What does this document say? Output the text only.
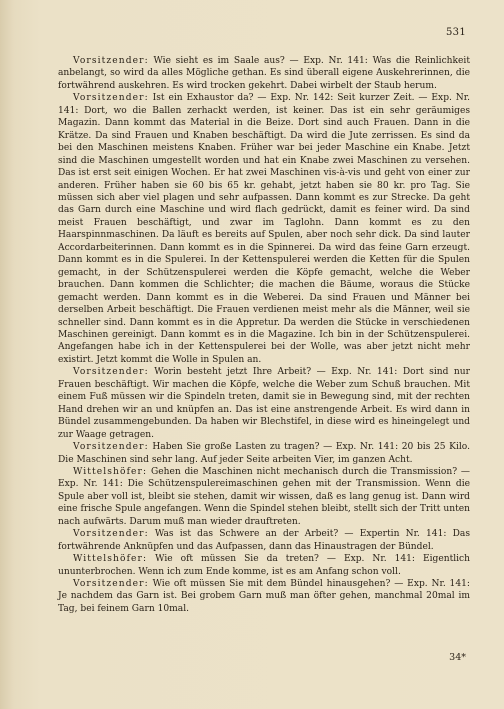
531

Vorsitzender: Wie sieht es im Saale aus? — Exp. Nr. 141: Was die Reinlichkeit anbelangt, so wird da alles Mögliche gethan. Es sind überall eigene Auskehrerinnen, die fortwährend auskehren. Es wird trocken gekehrt. Dabei wirbelt der Staub herum.

Vorsitzender: Ist ein Exhaustor da? — Exp. Nr. 142: Seit kurzer Zeit. — Exp. Nr. 141: Dort, wo die Ballen zerhackt werden, ist keiner. Das ist ein sehr geräumiges Magazin. Dann kommt das Material in die Beize. Dort sind auch Frauen. Dann in die Krätze. Da sind Frauen und Knaben beschäftigt. Da wird die Jute zerrissen. Es sind da bei den Maschinen meistens Knaben. Früher war bei jeder Maschine ein Knabe. Jetzt sind die Maschinen umgestellt worden und hat ein Knabe zwei Maschinen zu versehen. Das ist erst seit einigen Wochen. Er hat zwei Maschinen vis-à-vis und geht von einer zur anderen. Früher haben sie 60 bis 65 kr. gehabt, jetzt haben sie 80 kr. pro Tag. Sie müssen sich aber viel plagen und sehr aufpassen. Dann kommt es zur Strecke. Da geht das Garn durch eine Maschine und wird flach gedrückt, damit es feiner wird. Da sind meist Frauen beschäftigt, und zwar im Taglohn. Dann kommt es zu den Haarspinnmaschinen. Da läuft es bereits auf Spulen, aber noch sehr dick. Da sind lauter Accordarbeiterinnen. Dann kommt es in die Spinnerei. Da wird das feine Garn erzeugt. Dann kommt es in die Spulerei. In der Kettenspulerei werden die Ketten für die Spulen gemacht, in der Schützenspulerei werden die Köpfe gemacht, welche die Weber brauchen. Dann kommen die Schlichter; die machen die Bäume, woraus die Stücke gemacht werden. Dann kommt es in die Weberei. Da sind Frauen und Männer bei derselben Arbeit beschäftigt. Die Frauen verdienen meist mehr als die Männer, weil sie schneller sind. Dann kommt es in die Appretur. Da werden die Stücke in verschiedenen Maschinen gereinigt. Dann kommt es in die Magazine. Ich bin in der Schützenspulerei. Angefangen habe ich in der Kettenspulerei bei der Wolle, was aber jetzt nicht mehr existirt. Jetzt kommt die Wolle in Spulen an.

Vorsitzender: Worin besteht jetzt Ihre Arbeit? — Exp. Nr. 141: Dort sind nur Frauen beschäftigt. Wir machen die Köpfe, welche die Weber zum Schuß brauchen. Mit einem Fuß müssen wir die Spindeln treten, damit sie in Bewegung sind, mit der rechten Hand drehen wir an und knüpfen an. Das ist eine anstrengende Arbeit. Es wird dann in Bündel zusammengebunden. Da haben wir Blechstifel, in diese wird es hineingelegt und zur Waage getragen.

Vorsitzender: Haben Sie große Lasten zu tragen? — Exp. Nr. 141: 20 bis 25 Kilo. Die Maschinen sind sehr lang. Auf jeder Seite arbeiten Vier, im ganzen Acht.

Wittelshöfer: Gehen die Maschinen nicht mechanisch durch die Transmission? — Exp. Nr. 141: Die Schützenspulereimaschinen gehen mit der Transmission. Wenn die Spule aber voll ist, bleibt sie stehen, damit wir wissen, daß es lang genug ist. Dann wird eine frische Spule angefangen. Wenn die Spindel stehen bleibt, stellt sich der Tritt unten nach aufwärts. Darum muß man wieder drauftreten.

Vorsitzender: Was ist das Schwere an der Arbeit? — Expertin Nr. 141: Das fortwährende Anknüpfen und das Aufpassen, dann das Hinaustragen der Bündel.

Wittelshöfer: Wie oft müssen Sie da treten? — Exp. Nr. 141: Eigentlich ununterbrochen. Wenn ich zum Ende komme, ist es am Anfang schon voll.

Vorsitzender: Wie oft müssen Sie mit dem Bündel hinausgehen? — Exp. Nr. 141: Je nachdem das Garn ist. Bei grobem Garn muß man öfter gehen, manchmal 20mal im Tag, bei feinem Garn 10mal.

34*
